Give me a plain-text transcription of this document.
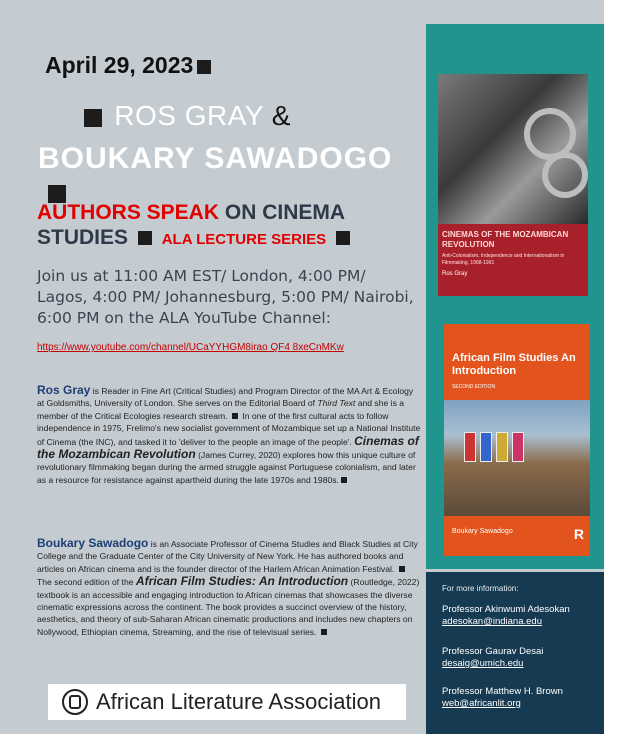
April 29, 2023
ROS GRAY &
BOUKARY SAWADOGO
AUTHORS SPEAK ON CINEMA STUDIES ALA LECTURE SERIES
Join us at 11:00 AM EST/ London, 4:00 PM/ Lagos, 4:00 PM/ Johannesburg, 5:00 PM/ Nairobi, 6:00 PM on the ALA YouTube Channel:
https://www.youtube.com/channel/UCaYYHGM8irao QF4 8xeCnMKw
Ros Gray is Reader in Fine Art (Critical Studies) and Program Director of the MA Art & Ecology at Goldsmiths, University of London. She serves on the Editorial Board of Third Text and she is a member of the Critical Ecologies research stream.  In one of the first cultural acts to follow independence in 1975, Frelimo's new socialist government of Mozambique set up a National Institute of Cinema (the INC), and tasked it to 'deliver to the people an image of the people'. Cinemas of the Mozambican Revolution (James Currey, 2020) explores how this unique culture of revolutionary filmmaking began during the armed struggle against Portuguese colonialism, and later as a resource for resistance against apartheid during the late 1970s and 1980s.
Boukary Sawadogo is an Associate Professor of Cinema Studies and Black Studies at City College and the Graduate Center of the City University of New York. He has authored books and articles on African cinema and is the founder director of the Harlem African Animation Festival.  The second edition of the African Film Studies: An Introduction (Routledge, 2022) textbook is an accessible and engaging introduction to African cinemas that showcases the diverse cinematic expressions across the continent. The book provides a succinct overview of the history, aesthetics, and theory of sub-Saharan African cinematic productions and includes new chapters on Nollywood, Ethiopian cinema, Streaming, and the rise of televisual series.
African Literature Association
CINEMAS OF THE MOZAMBICAN REVOLUTION
Anti-Colonialism, Independence and Internationalism in Filmmaking, 1968-1991
Ros Gray
African Film Studies An Introduction
SECOND EDITION
Boukary Sawadogo	R
For more information:
Professor Akinwumi Adesokan
adesokan@indiana.edu
Professor Gaurav Desai
desaig@umich.edu
Professor Matthew H. Brown
web@africanlit.org
